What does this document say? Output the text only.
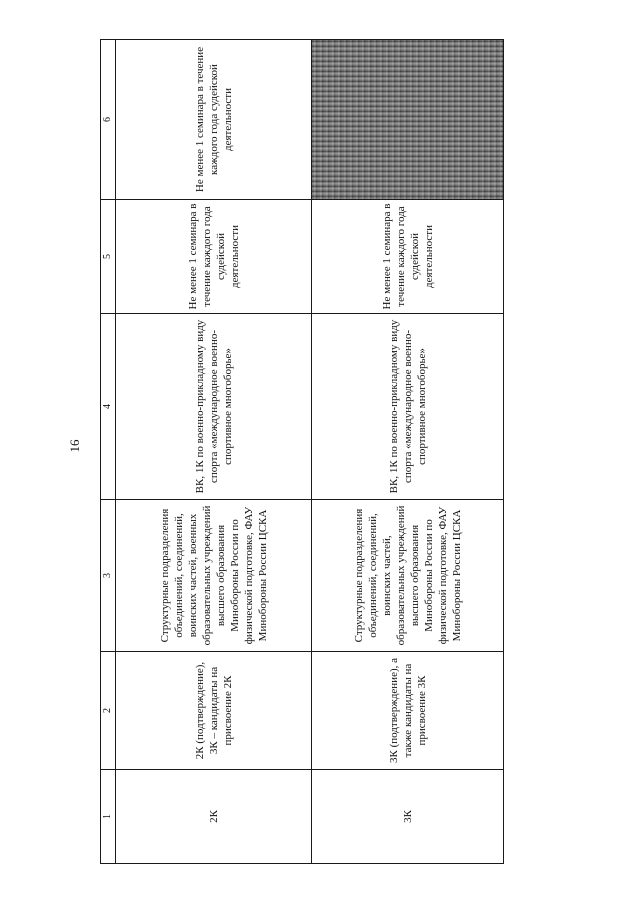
16
1	2	3	4	5	6

2К	2К (подтверждение), 3К – кандидаты на присвоение 2К	Структурные подразделения объединений, соединений, воинских частей, военных образовательных учреждений высшего образования Минобороны России по физической подготовке, ФАУ Минобороны России ЦСКА	ВК, 1К по военно-прикладному виду спорта «международное военно-спортивное многоборье»	Не менее 1 семинара в течение каждого года судейской деятельности	Не менее 1 семинара в течение каждого года судейской деятельности

3К	3К (подтверждение), а также кандидаты на присвоение 3К	Структурные подразделения объединений, соединений, воинских частей, образовательных учреждений высшего образования Минобороны России по физической подготовке, ФАУ Минобороны России ЦСКА	ВК, 1К по военно-прикладному виду спорта «международное военно-спортивное многоборье»	Не менее 1 семинара в течение каждого года судейской деятельности	
